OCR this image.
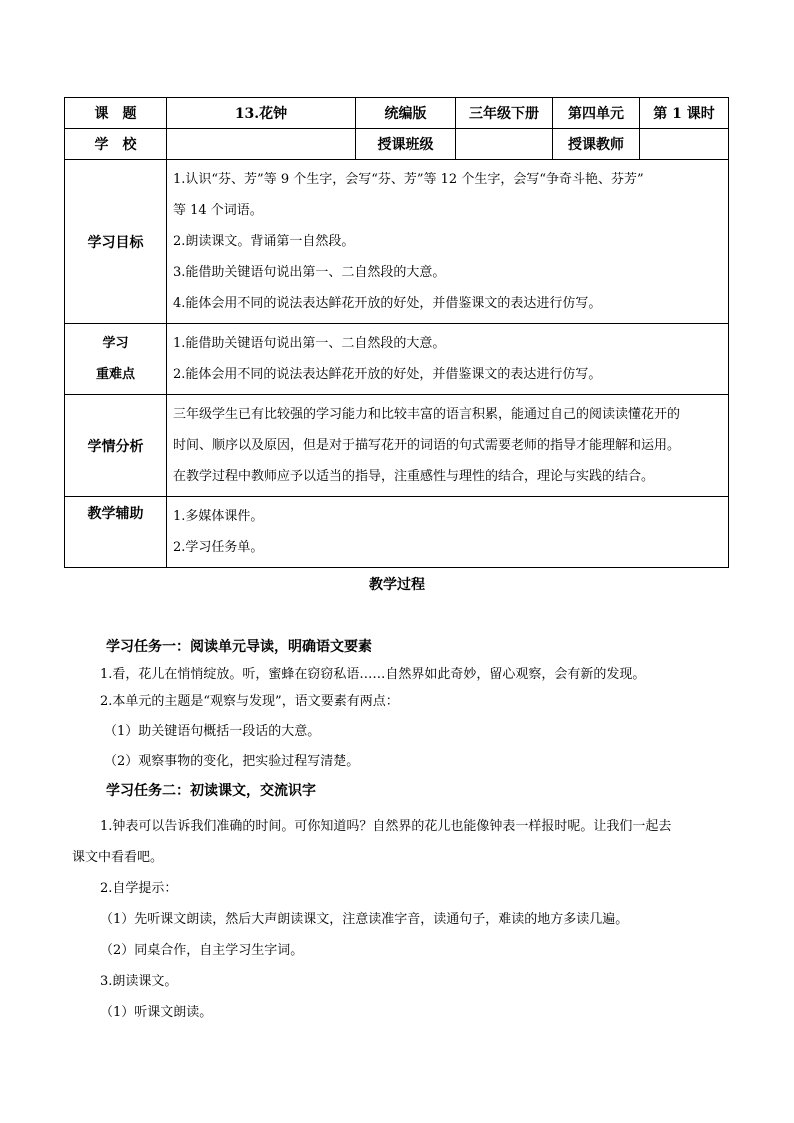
课　题	13.花钟	统编版	三年级下册	第四单元	第 1 课时
学　校		授课班级		授课教师	
学习目标	1.认识“芬、芳”等 9 个生字，会写“芬、芳”等 12 个生字，会写“争奇斗艳、芬芳”
等 14 个词语。
2.朗读课文。背诵第一自然段。
3.能借助关键语句说出第一、二自然段的大意。
4.能体会用不同的说法表达鲜花开放的好处，并借鉴课文的表达进行仿写。				

学习
重难点	1.能借助关键语句说出第一、二自然段的大意。
2.能体会用不同的说法表达鲜花开放的好处，并借鉴课文的表达进行仿写。				

学情分析	三年级学生已有比较强的学习能力和比较丰富的语言积累，能通过自己的阅读读懂花开的
时间、顺序以及原因，但是对于描写花开的词语的句式需要老师的指导才能理解和运用。
在教学过程中教师应予以适当的指导，注重感性与理性的结合，理论与实践的结合。				

教学辅助	1.多媒体课件。
2.学习任务单。				
教学过程
学习任务一：阅读单元导读，明确语文要素
1.看，花儿在悄悄绽放。听，蜜蜂在窃窃私语……自然界如此奇妙，留心观察，会有新的发现。
2.本单元的主题是“观察与发现”，语文要素有两点：
（1）助关键语句概括一段话的大意。
（2）观察事物的变化，把实验过程写清楚。
学习任务二：初读课文，交流识字
1.钟表可以告诉我们准确的时间。可你知道吗？自然界的花儿也能像钟表一样报时呢。让我们一起去
课文中看看吧。
2.自学提示：
（1）先听课文朗读，然后大声朗读课文，注意读准字音，读通句子，难读的地方多读几遍。
（2）同桌合作，自主学习生字词。
3.朗读课文。
（1）听课文朗读。
